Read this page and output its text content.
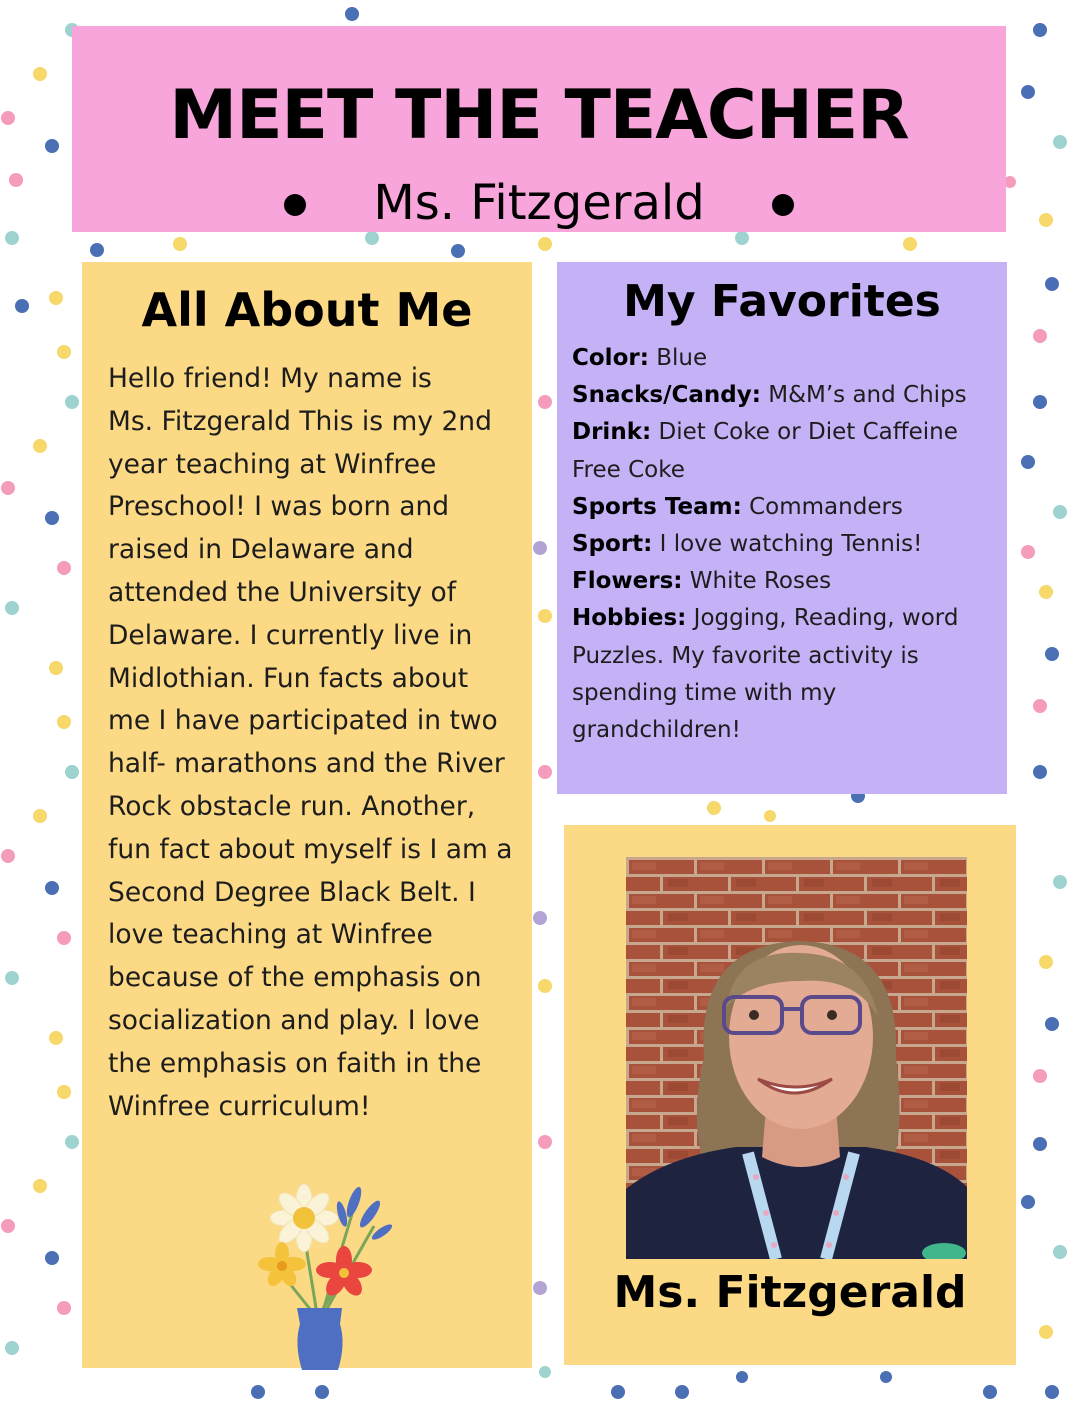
MEET THE TEACHER
Ms. Fitzgerald
All About Me
Hello friend! My name is
Ms. Fitzgerald This is my 2nd
year teaching at Winfree
Preschool! I was born and
raised in Delaware and
attended the University of
Delaware. I currently live in
Midlothian. Fun facts about
me I have participated in two
half- marathons and the River
Rock obstacle run. Another,
fun fact about myself is I am a
Second Degree Black Belt. I
love teaching at Winfree
because of the emphasis on
socialization and play. I love
the emphasis on faith in the
Winfree curriculum!
My Favorites
Color: Blue
Snacks/Candy: M&M’s and Chips
Drink: Diet Coke or Diet Caffeine Free Coke
Sports Team: Commanders
Sport: I love watching Tennis!
Flowers: White Roses
Hobbies: Jogging, Reading, word Puzzles. My favorite activity is spending time with my grandchildren!
Ms. Fitzgerald
